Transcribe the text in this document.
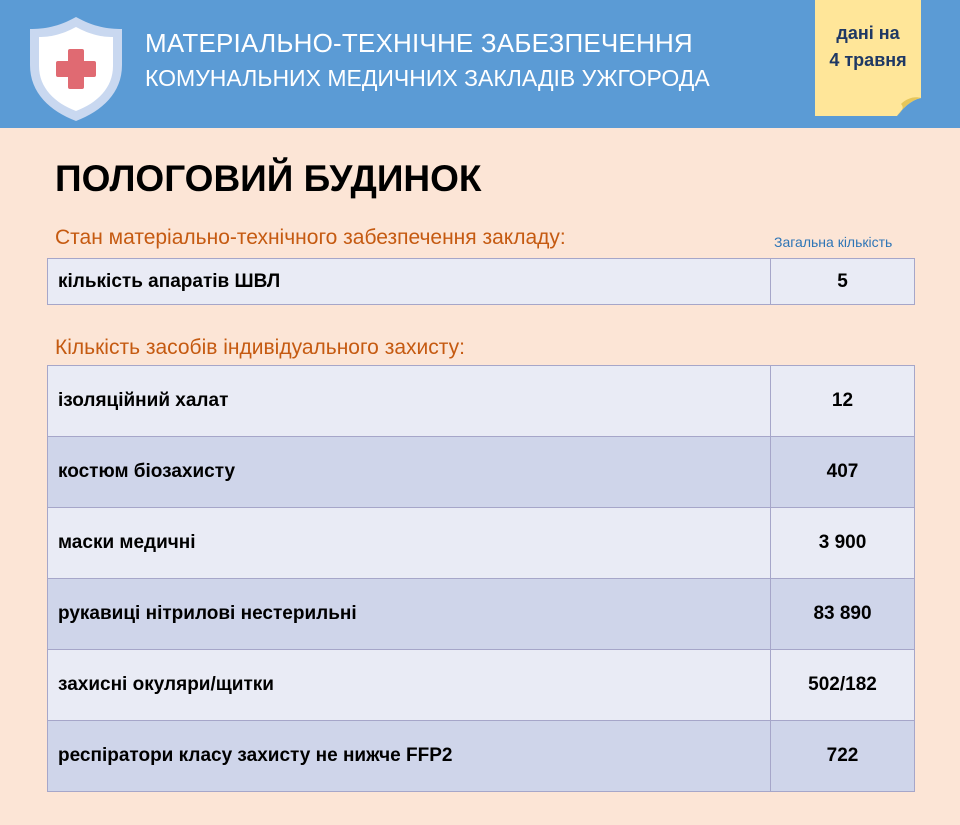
МАТЕРІАЛЬНО-ТЕХНІЧНЕ ЗАБЕЗПЕЧЕННЯ
КОМУНАЛЬНИХ МЕДИЧНИХ ЗАКЛАДІВ УЖГОРОДА
дані на
4 травня
ПОЛОГОВИЙ БУДИНОК
Стан матеріально-технічного забезпечення закладу:	Загальна кількість
кількість апаратів ШВЛ	5
Кількість засобів індивідуального захисту:
ізоляційний халат	12
костюм біозахисту	407
маски медичні	3 900
рукавиці нітрилові нестерильні	83 890
захисні окуляри/щитки	502/182
респіратори класу захисту не нижче FFP2	722
